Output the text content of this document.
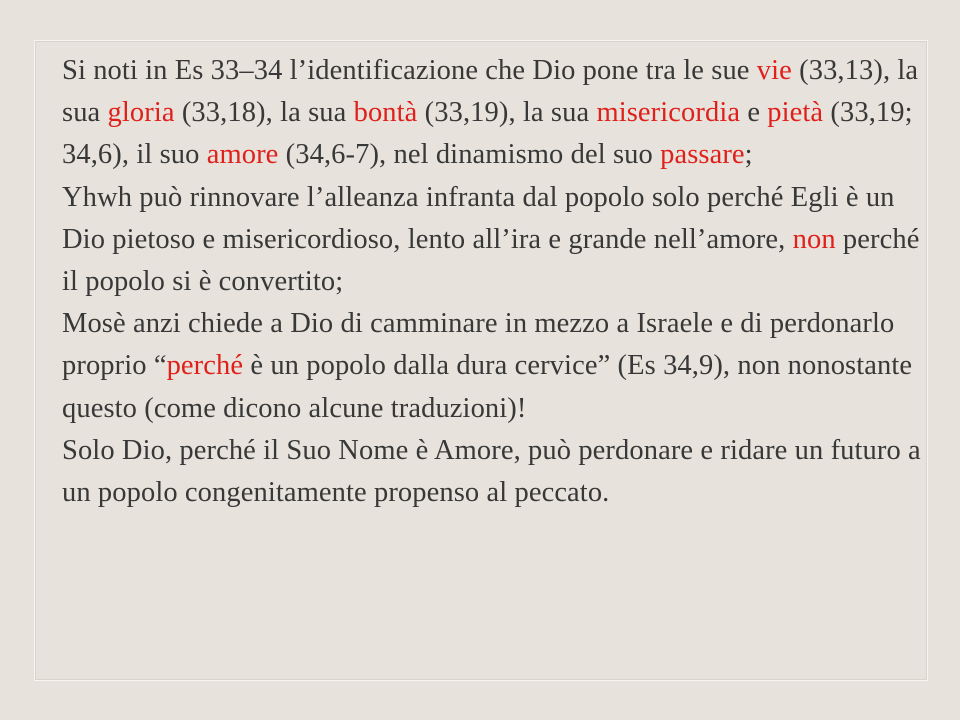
Si noti in Es 33–34 l’identificazione che Dio pone tra le sue vie (33,13), la sua gloria (33,18), la sua bontà (33,19), la sua misericordia e pietà (33,19; 34,6), il suo amore (34,6-7), nel dinamismo del suo passare;

Yhwh può rinnovare l’alleanza infranta dal popolo solo perché Egli è un Dio pietoso e misericordioso, lento all’ira e grande nell’amore, non perché il popolo si è convertito;

Mosè anzi chiede a Dio di camminare in mezzo a Israele e di perdonarlo proprio “perché è un popolo dalla dura cervice” (Es 34,9), non nonostante questo (come dicono alcune traduzioni)!

Solo Dio, perché il Suo Nome è Amore, può perdonare e ridare un futuro a un popolo congenitamente propenso al peccato.
